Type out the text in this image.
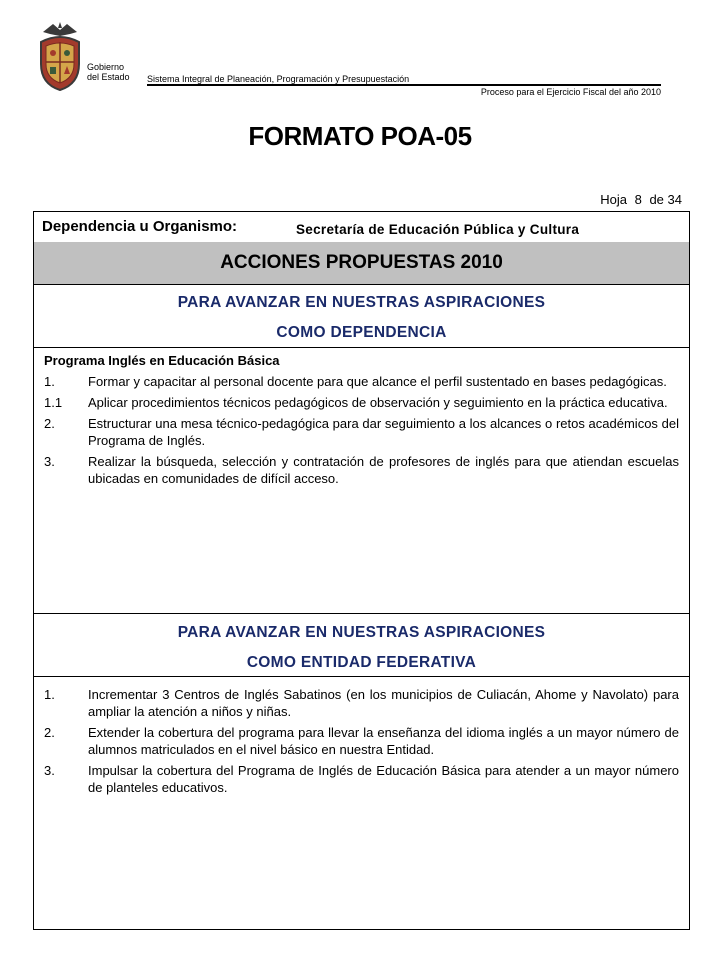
Gobierno
del Estado Sistema Integral de Planeación, Programación y Presupuestación
Proceso para el Ejercicio Fiscal del año 2010
FORMATO POA-05
Hoja 8 de 34
Dependencia u Organismo:	Secretaría de Educación Pública y Cultura
ACCIONES PROPUESTAS 2010
PARA AVANZAR EN NUESTRAS ASPIRACIONES
COMO DEPENDENCIA
Programa Inglés en Educación Básica
1.	Formar y capacitar al personal docente para que alcance el perfil sustentado en bases pedagógicas.
1.1	Aplicar procedimientos técnicos pedagógicos de observación y seguimiento en la práctica educativa.
2.	Estructurar una mesa técnico-pedagógica para dar seguimiento a los alcances o retos académicos del Programa de Inglés.
3.	Realizar la búsqueda, selección y contratación de profesores de inglés para que atiendan escuelas ubicadas en comunidades de difícil acceso.
PARA AVANZAR EN NUESTRAS ASPIRACIONES
COMO ENTIDAD FEDERATIVA
1.	Incrementar 3 Centros de Inglés Sabatinos (en los municipios de Culiacán, Ahome y Navolato) para ampliar la atención a niños y niñas.
2.	Extender la cobertura del programa para llevar la enseñanza del idioma inglés a un mayor número de alumnos matriculados en el nivel básico en nuestra Entidad.
3.	Impulsar la cobertura del Programa de Inglés de Educación Básica para atender a un mayor número de planteles educativos.
